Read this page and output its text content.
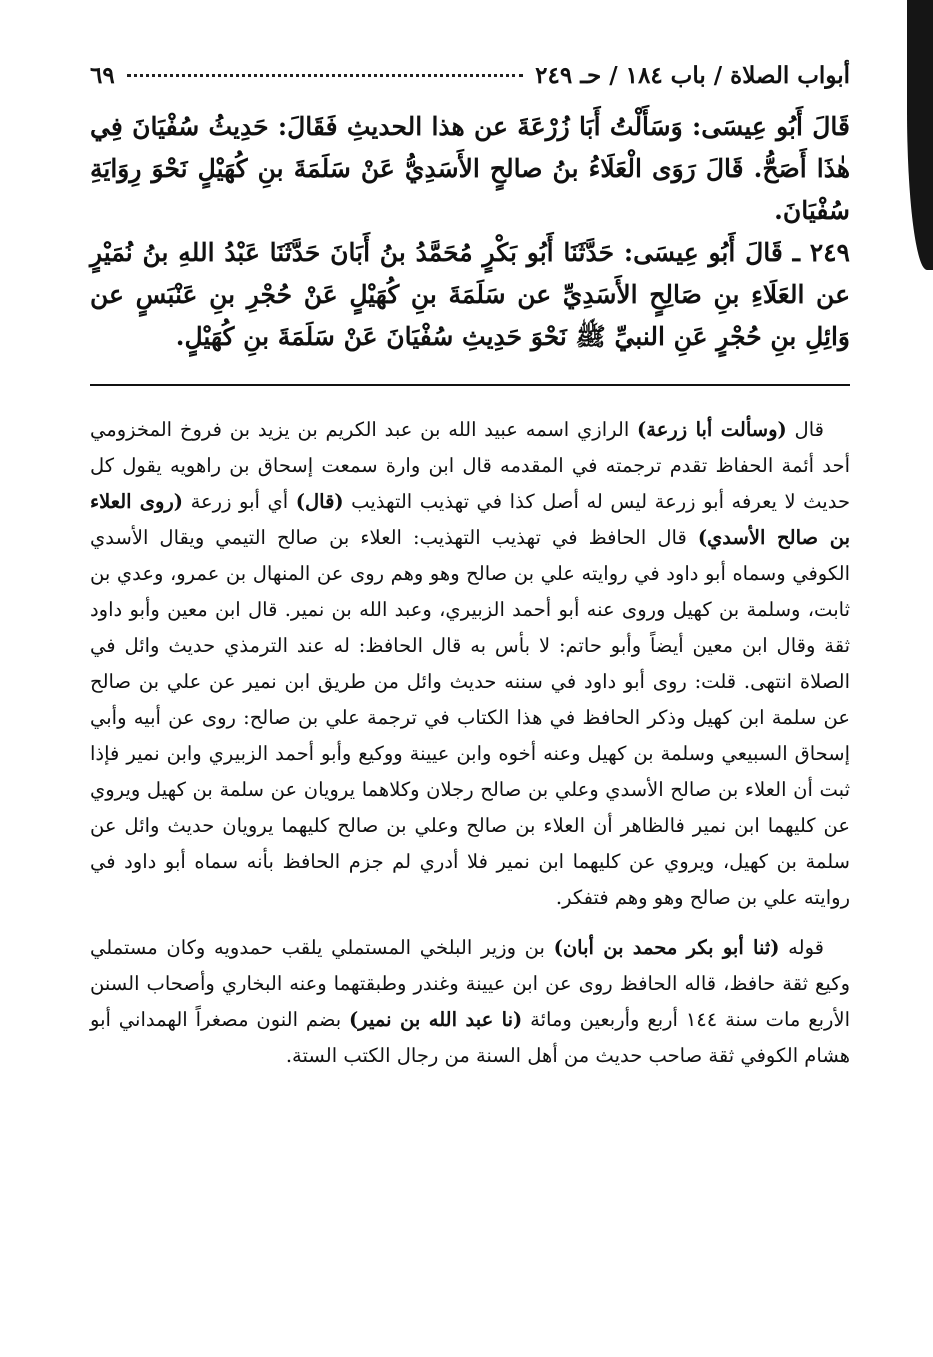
أبواب الصلاة / باب ١٨٤ / حـ ٢٤٩
٦٩

قَالَ أَبُو عِيسَى: وَسَأَلْتُ أَبَا زُرْعَةَ عن هذا الحديثِ فَقَالَ: حَدِيثُ سُفْيَانَ فِي هٰذَا أَصَحُّ. قَالَ رَوَى الْعَلَاءُ بنُ صالحٍ الأَسَدِيُّ عَنْ سَلَمَةَ بنِ كُهَيْلٍ نَحْوَ رِوَايَةِ سُفْيَانَ.

٢٤٩ ـ قَالَ أَبُو عِيسَى: حَدَّثَنَا أَبُو بَكْرٍ مُحَمَّدُ بنُ أَبَانَ حَدَّثَنَا عَبْدُ اللهِ بنُ نُمَيْرٍ عن العَلَاءِ بنِ صَالِحٍ الأَسَدِيِّ عن سَلَمَةَ بنِ كُهَيْلٍ عَنْ حُجْرِ بنِ عَنْبَسٍ عن وَائِلِ بنِ حُجْرٍ عَنِ النبيِّ ﷺ نَحْوَ حَدِيثِ سُفْيَانَ عَنْ سَلَمَةَ بنِ كُهَيْلٍ.

قال (وسألت أبا زرعة) الرازي اسمه عبيد الله بن عبد الكريم بن يزيد بن فروخ المخزومي أحد أئمة الحفاظ تقدم ترجمته في المقدمه قال ابن وارة سمعت إسحاق بن راهويه يقول كل حديث لا يعرفه أبو زرعة ليس له أصل كذا في تهذيب التهذيب (قال) أي أبو زرعة (روى العلاء بن صالح الأسدي) قال الحافظ في تهذيب التهذيب: العلاء بن صالح التيمي ويقال الأسدي الكوفي وسماه أبو داود في روايته علي بن صالح وهو وهم روى عن المنهال بن عمرو، وعدي بن ثابت، وسلمة بن كهيل وروى عنه أبو أحمد الزبيري، وعبد الله بن نمير. قال ابن معين وأبو داود ثقة وقال ابن معين أيضاً وأبو حاتم: لا بأس به قال الحافظ: له عند الترمذي حديث وائل في الصلاة انتهى. قلت: روى أبو داود في سننه حديث وائل من طريق ابن نمير عن علي بن صالح عن سلمة ابن كهيل وذكر الحافظ في هذا الكتاب في ترجمة علي بن صالح: روى عن أبيه وأبي إسحاق السبيعي وسلمة بن كهيل وعنه أخوه وابن عيينة ووكيع وأبو أحمد الزبيري وابن نمير فإذا ثبت أن العلاء بن صالح الأسدي وعلي بن صالح رجلان وكلاهما يرويان عن سلمة بن كهيل ويروي عن كليهما ابن نمير فالظاهر أن العلاء بن صالح وعلي بن صالح كليهما يرويان حديث وائل عن سلمة بن كهيل، ويروي عن كليهما ابن نمير فلا أدري لم جزم الحافظ بأنه سماه أبو داود في روايته علي بن صالح وهو وهم فتفكر.

قوله (ثنا أبو بكر محمد بن أبان) بن وزير البلخي المستملي يلقب حمدويه وكان مستملي وكيع ثقة حافظ، قاله الحافظ روى عن ابن عيينة وغندر وطبقتهما وعنه البخاري وأصحاب السنن الأربع مات سنة ١٤٤ أربع وأربعين ومائة (نا عبد الله بن نمير) بضم النون مصغراً الهمداني أبو هشام الكوفي ثقة صاحب حديث من أهل السنة من رجال الكتب الستة.
